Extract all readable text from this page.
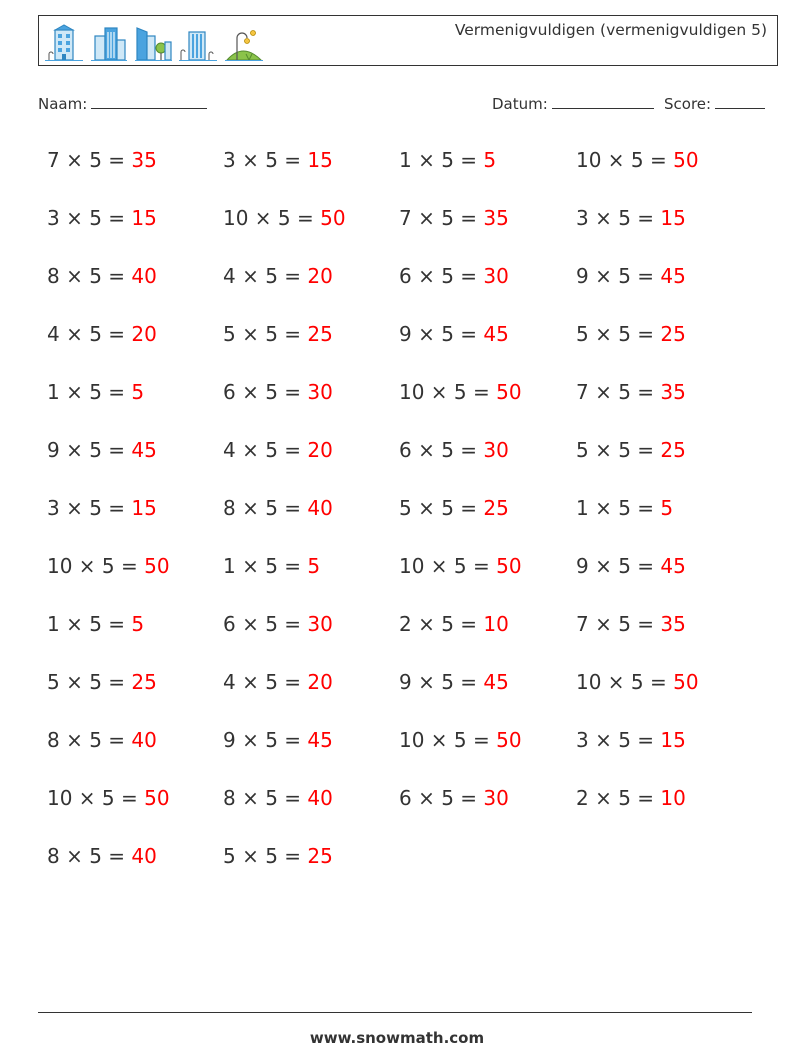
Vermenigvuldigen (vermenigvuldigen 5)
Naam:	Datum:	Score:
7 × 5 = 35	3 × 5 = 15	1 × 5 = 5	10 × 5 = 50
3 × 5 = 15	10 × 5 = 50	7 × 5 = 35	3 × 5 = 15
8 × 5 = 40	4 × 5 = 20	6 × 5 = 30	9 × 5 = 45
4 × 5 = 20	5 × 5 = 25	9 × 5 = 45	5 × 5 = 25
1 × 5 = 5	6 × 5 = 30	10 × 5 = 50	7 × 5 = 35
9 × 5 = 45	4 × 5 = 20	6 × 5 = 30	5 × 5 = 25
3 × 5 = 15	8 × 5 = 40	5 × 5 = 25	1 × 5 = 5
10 × 5 = 50	1 × 5 = 5	10 × 5 = 50	9 × 5 = 45
1 × 5 = 5	6 × 5 = 30	2 × 5 = 10	7 × 5 = 35
5 × 5 = 25	4 × 5 = 20	9 × 5 = 45	10 × 5 = 50
8 × 5 = 40	9 × 5 = 45	10 × 5 = 50	3 × 5 = 15
10 × 5 = 50	8 × 5 = 40	6 × 5 = 30	2 × 5 = 10
8 × 5 = 40	5 × 5 = 25
www.snowmath.com
